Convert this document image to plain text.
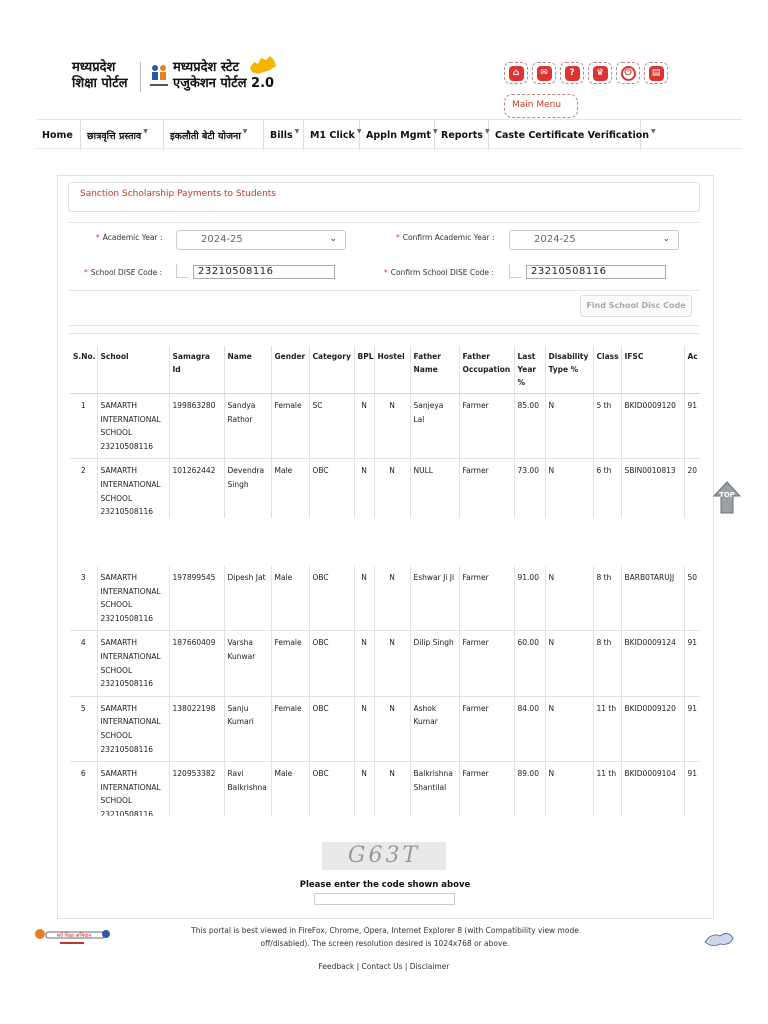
मध्यप्रदेश
शिक्षा पोर्टल
मध्यप्रदेश स्टेट
एजुकेशन पोर्टल 2.0
⌂	✉	?	♛	⏻	▤
Main Menu
Home छात्रवृत्ति प्रस्ताव ▼ इकलौती बेटी योजना ▼ Bills ▼ M1 Click ▼ Appln Mgmt ▼ Reports ▼ Caste Certificate Verification ▼
Sanction Scholarship Payments to Students
* Academic Year :	2024-25	⌄	* Confirm Academic Year :	2024-25	⌄
* School DISE Code :	23210508116	* Confirm School DISE Code :	23210508116
Find School Disc Code
S.No.	School	Samagra Id	Name	Gender	Category	BPL	Hostel	Father Name	Father Occupation	Last Year %	Disability Type %	Class	IFSC	Ac
1	SAMARTH INTERNATIONAL SCHOOL 23210508116	199863280	Sandya Rathor	Female	SC	N	N	Sanjeya Lal	Farmer	85.00	N	5 th	BKID0009120	91
2	SAMARTH INTERNATIONAL SCHOOL 23210508116	101262442	Devendra Singh	Male	OBC	N	N	NULL	Farmer	73.00	N	6 th	SBIN0010813	20
3	SAMARTH INTERNATIONAL SCHOOL 23210508116	197899545	Dipesh Jat	Male	OBC	N	N	Eshwar Ji Ji	Farmer	91.00	N	8 th	BARB0TARUJJ	50
4	SAMARTH INTERNATIONAL SCHOOL 23210508116	187660409	Varsha Kunwar	Female	OBC	N	N	Dilip Singh	Farmer	60.00	N	8 th	BKID0009124	91
5	SAMARTH INTERNATIONAL SCHOOL 23210508116	138022198	Sanju Kumari	Female	OBC	N	N	Ashok Kumar	Farmer	84.00	N	11 th	BKID0009120	91
6	SAMARTH INTERNATIONAL SCHOOL 23210508116	120953382	Ravi Balkrishna	Male	OBC	N	N	Balkrishna Shantilal	Farmer	89.00	N	11 th	BKID0009104	91
TOP
G63T
Please enter the code shown above
सर्व शिक्षा अभियान
This portal is best viewed in FireFox, Chrome, Opera, Internet Explorer 8 (with Compatibility view mode off/disabled). The screen resolution desired is 1024x768 or above.
Feedback | Contact Us | Disclaimer
